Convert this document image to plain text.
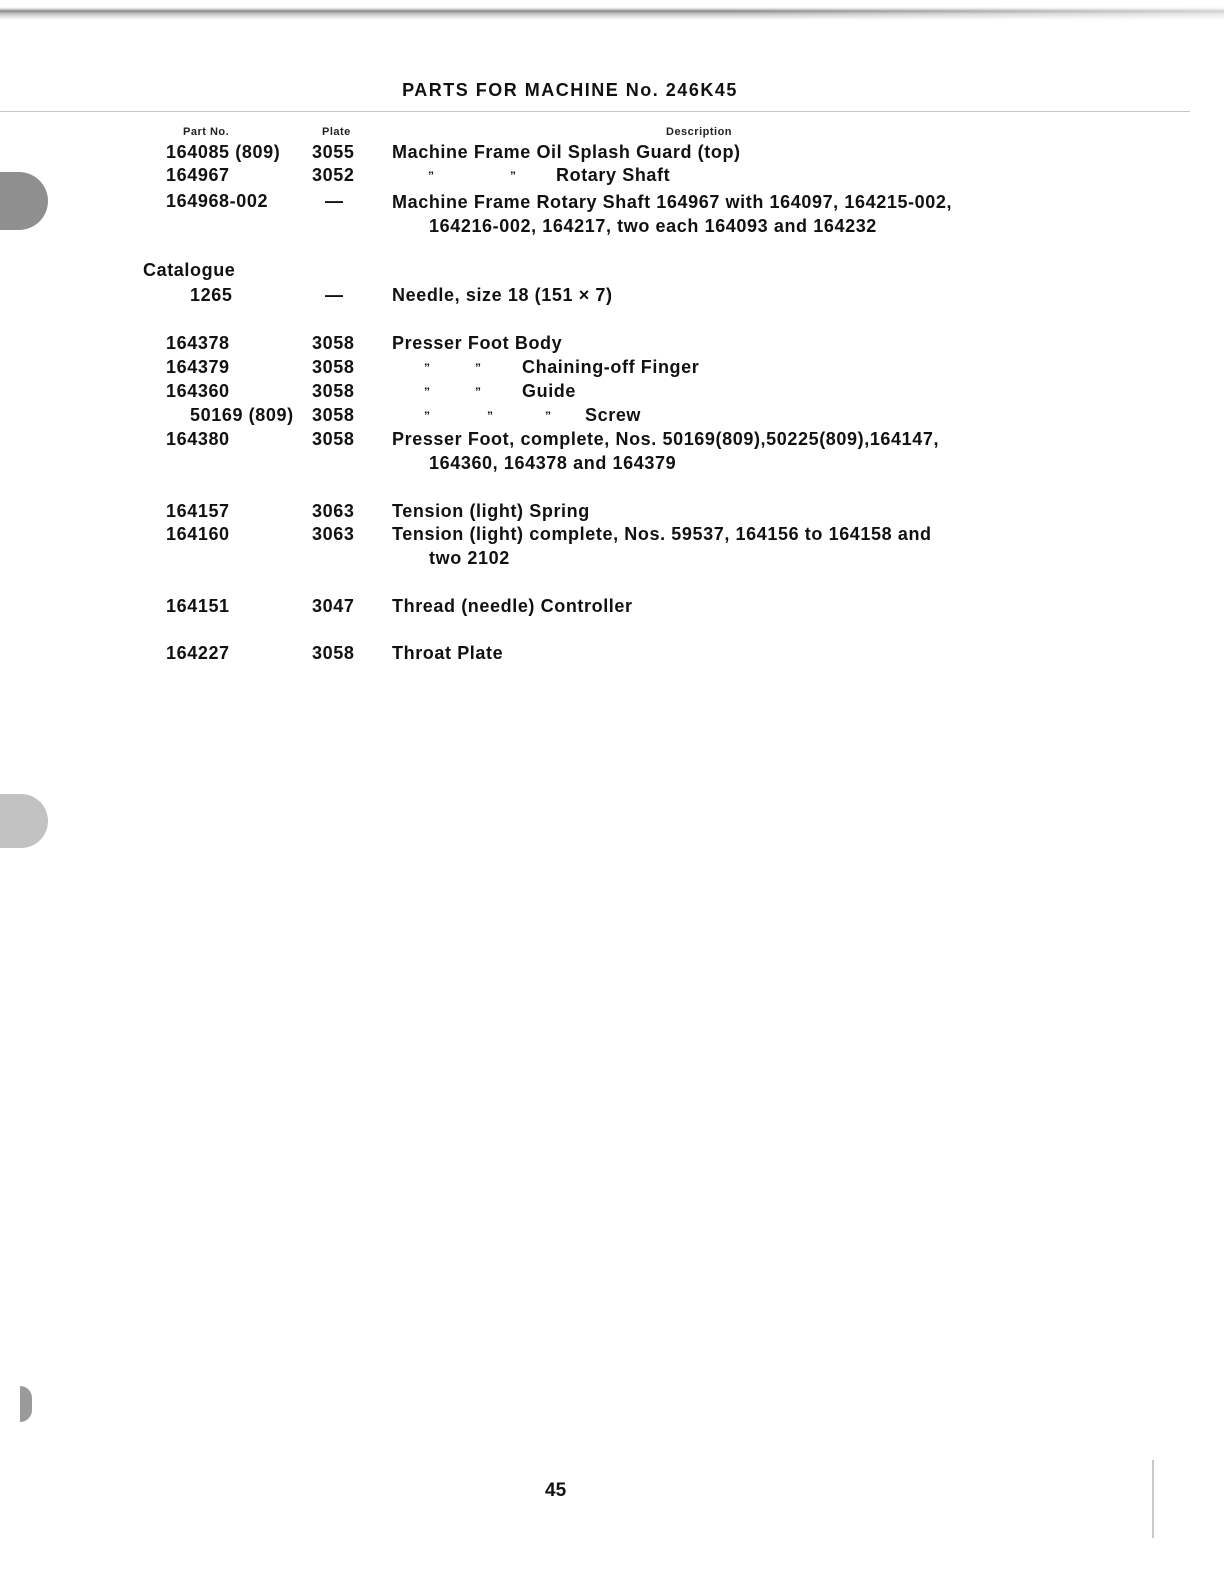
PARTS FOR MACHINE No. 246K45
Part No.	Plate	Description
164085 (809) 3055 Machine Frame Oil Splash Guard (top)
164967	3052	”	” Rotary Shaft
164968-002	—	Machine Frame Rotary Shaft 164967 with 164097, 164215-002,
164216-002, 164217, two each 164093 and 164232
Catalogue
1265	—	Needle, size 18 (151 × 7)
164378	3058 Presser Foot Body
164379	3058	”	” Chaining-off Finger
164360	3058	”	” Guide
50169 (809) 3058	”	”	” Screw
164380	3058 Presser Foot, complete, Nos. 50169(809),50225(809),164147,
164360, 164378 and 164379
164157	3063 Tension (light) Spring
164160	3063 Tension (light) complete, Nos. 59537, 164156 to 164158 and
two 2102
164151	3047 Thread (needle) Controller
164227	3058 Throat Plate
45
